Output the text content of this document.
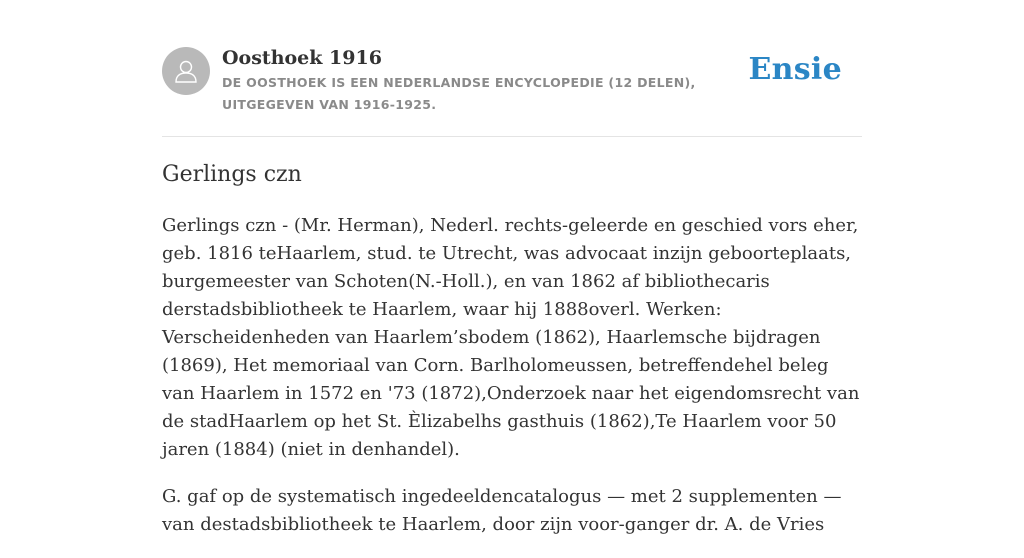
Oosthoek 1916

DE OOSTHOEK IS EEN NEDERLANDSE ENCYCLOPEDIE (12 DELEN), UITGEGEVEN VAN 1916-1925.

Ensie
Gerlings czn

Gerlings czn - (Mr. Herman), Nederl. rechts-geleerde en geschied vors eher, geb. 1816 teHaarlem, stud. te Utrecht, was advocaat inzijn geboorteplaats, burgemeester van Schoten(N.-Holl.), en van 1862 af bibliothecaris derstadsbibliotheek te Haarlem, waar hij 1888overl. Werken: Verscheidenheden van Haarlem’sbodem (1862), Haarlemsche bijdragen (1869), Het memoriaal van Corn. Barlholomeussen, betreffendehel beleg van Haarlem in 1572 en '73 (1872),Onderzoek naar het eigendomsrecht van de stadHaarlem op het St. Èlizabelhs gasthuis (1862),Te Haarlem voor 50 jaren (1884) (niet in denhandel).

G. gaf op de systematisch ingedeeldencatalogus — met 2 supplementen — van destadsbibliotheek te Haarlem, door zijn voor-ganger dr. A. de Vries
